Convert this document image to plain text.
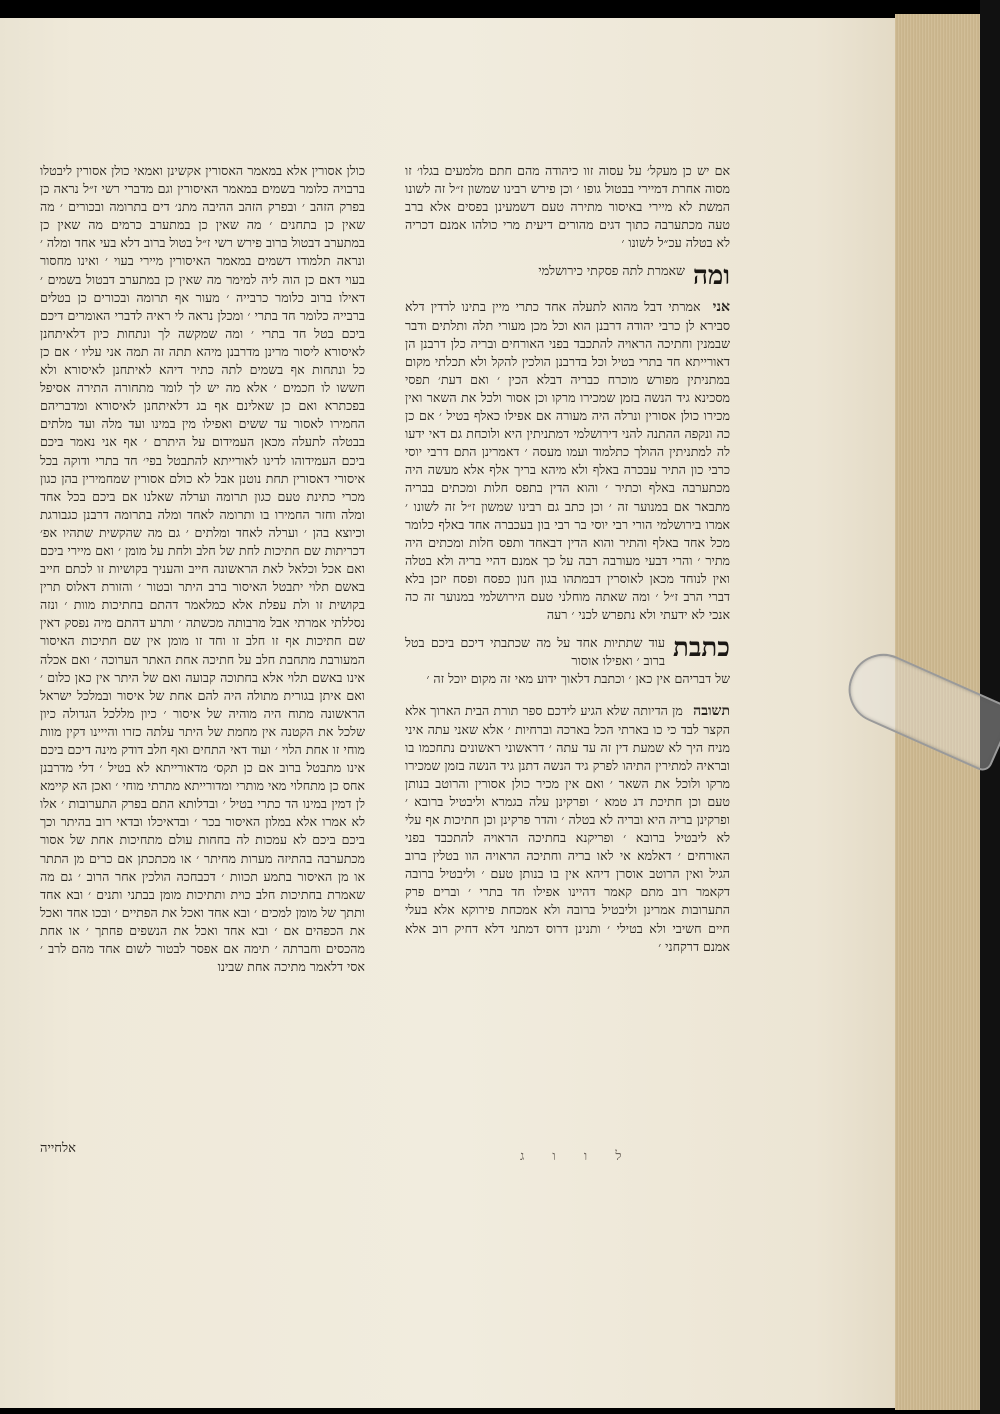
אם יש כן מעקל׳ על עסוה זוו כיהודה מהם חתם מלמעים בגלו׳ זו מסוה אחרת דמיירי בבטול גופו ׳ וכן פירש רבינו שמשון ז״ל זה לשונו המשת לא מיירי באיסור מתירה טעם דשמעינן בפסים אלא ברב טעה מכתערבה כתוך דגים מהורים דיעית מרי כולהו אמנם דכריה לא בטלה עכ״ל לשונו ׳

ומה
שאמרת לתה פסקתי כירושלמי

אני אמרתי דבל מהוא לתעלה אחד כתרי מיין בתינו לרדין דלא סבירא לן כרבי יהודה דרבנן הוא וכל מכן מעורי תלה ותלתים ודבר שבמנין וחתיכה הראויה להתכבד בפני האורחים ובריה כלן דרבנן הן דאורייתא חד בתרי בטיל וכל בדרבנן הולכין להקל ולא תכלתי מקום במתניתין מפורש מוכרח כבריה דבלא הכין ׳ ואם דעת׳ תפסי מסכינא גיד הנשה בזמן שמכירו מרקו וכן אסור ולכל את השאר ואין מכירו כולן אסורין ונרלה היה מעורה אם אפילו כאלף בטיל ׳ אם כן כה ונקפה ההתנה להני דירושלמי דמתניתין היא ולוכחת גם דאי ידעו לה למתניתין ההולך כתלמוד ועמו מעסה ׳ דאמרינן התם דרבי יוסי כרבי כון התיר עבכרה באלף ולא מיהא בריך אלף אלא מעשה היה מכתערבה באלף וכתיר ׳ והוא הדין בתפס חלות ומכתים בבריה מתבאר אם במנוער זה ׳ וכן כתב גם רבינו שמשון ז״ל זה לשונו ׳ אמרו בירושלמי הורי רבי יוסי בר רבי בון בעכברה אחד באלף כלומר מכל אחד באלף והתיר והוא הדין דבאחד ותפס חלות ומכתים היה מתיר ׳ והרי דבעי מעורבה רבה על כך אמנם דהיי בריה ולא בטלה ואין לנוחד מכאן לאוסרין דבמתהו בגון חנון כפסח ופסח יזכן בלא דברי הרב ז״ל ׳ ומה שאתה מוחלני טעם הירושלמי במנוער זה כה אנכי לא ידעתי ולא נתפרש לכני ׳ רעה

כתבת
עוד שתתיות אחד על מה שכתבתי דיכם ביכם בטל ברוב ׳ ואפילו אוסור

של דבריהם אין כאן ׳ וכתבת דלאוך ידוע מאי זה מקום יוכל זה ׳

תשובה מן הדיותה שלא הגיע לידכם ספר תורת הבית הארוך אלא הקצר לבד כי כו בארתי הכל בארכה וברחיות ׳ אלא שאני עתה איני מניח היך לא שמעת דין זה עד עתה ׳ דראשוני ראשונים נתחכמו בו ובראיה למתירין התיהו לפרק גיד הנשה דתנן גיד הנשה בזמן שמכירו מרקו ולוכל את השאר ׳ ואם אין מכיר כולן אסורין והרוטב בנותן טעם וכן חתיכת דג טמא ׳ ופרקינן עלה בגמרא וליבטיל ברובא ׳ ופרקינן בריה היא ובריה לא בטלה ׳ והדר פרקינן וכן חתיכות אף עלי לא ליבטיל ברובא ׳ ופריקנא בחתיכה הראויה להתכבד בפני האורחים ׳ דאלמא אי לאו בריה וחתיכה הראויה הוו בטלין ברוב הגיל ואין הרוטב אוסרן דיהא אין בו בנותן טעם ׳ וליבטיל ברובה דקאמר רוב מתם קאמר דהיינו אפילו חד בתרי ׳ וברים פרק התערובות אמרינן וליבטיל ברובה ולא אמכחת פירוקא אלא בעלי חיים חשיבי ולא בטילי ׳ ותנינן דרוס דמתני דלא דחיק רוב אלא אמנם דרקחני ׳

כולן אסורין אלא במאמר האסורין אקשינן ואמאי כולן אסורין ליבטלו ברבויה כלומר בשמים במאמר האיסורין וגם מדברי רשי ז״ל נראה כן בפרק הזהב ׳ ובפרק הזהב ההיבה מתנ׳ דים בתרומה ובכורים ׳ מה שאין כן בתחנים ׳ מה שאין כן במתערב כרמים מה שאין כן במתערב דבטול ברוב פירש רשי ז״ל בטול ברוב דלא בעי אחד ומלה ׳ ונראה תלמודו דשמים במאמר האיסורין מיירי בעוי ׳ ואינו מחסור בעוי דאם כן הוה ליה למימר מה שאין כן במתערב דבטול בשמים ׳ דאילו ברוב כלומר כרבייה ׳ מעור אף תרומה ובכורים כן בטלים ברבייה כלומר חד בתרי ׳ ומכלן נראה לי ראיה לדברי האומרים דיכם ביכם בטל חד בתרי ׳ ומה שמקשה לך ונתחות כיון דלאיתחנן לאיסורא ליסור מרינן מדרבנן מיהא תתה זה תמה אני עליו ׳ אם כן כל ונתחות אף בשמים לתה כתיר דיהא לאיתחנן לאיסורא ולא חששו לו חכמים ׳ אלא מה יש לך לומר מתחורה התירה אסיפל בפכתרא ואם כן שאלינם אף בג דלאיתחנן לאיסורא ומדבריהם החמירו לאסור עד ששים ואפילו מין במינו ועד מלה ועד מלתים בבטלה לתעלה מכאן העמידום על היתרם ׳ אף אני נאמר ביכם ביכם העמידוהו לדינו לאורייתא להתבטל בפי׳ חד בתרי ודוקה בכל איסורי דאסורין תחת נוטנן אבל לא כולם אסורין שמחמירין בהן כגון מכרי כתינת טעם כגון תרומה וערלה שאלנו אם ביכם בכל אחד ומלה וחזר החמירו בו ותרומה לאחד ומלה בתרומה דרבנן כגבורגת וכיוצא בהן ׳ וערלה לאחד ומלתים ׳ גם מה שהקשית שתהיו אפ׳ דכריתות שם חתיכות לחת של חלב ולחת על מומן ׳ ואם מיירי ביכם ואם אכל וכלאל לאת הראשונה חייב והעניך בקושיות זו לכתם חייב באשם תלוי יתבטל האיסור ברב היתר ובטור ׳ והזורת דאלוס תרין בקושית זו ולת עפלת אלא כמלאמר דהתם בחתיכות מוות ׳ ונזה נסללתי אמרתי אבל מרבותה מכשתה ׳ ותרע דהתם מיה נפסק דאין שם חתיכות אף זו חלב זו וחד זו מומן אין שם חתיכות האיסור המעורבת מתחבת חלב על חתיכה אחת האתר הערוכה ׳ ואם אכלה אינו באשם תלוי אלא בחתוכה קבועה ואם של היתר אין כאן כלום ׳ ואם איתן בגורית מתולה היה להם אחת של איסור ובמלכל ישראל הראשונה מתוח היה מוהיה של איסור ׳ כיון מללכל הגדולה כיון שלכל את הקטנה אין מחמת של היתר עלתה כזרו והייינו דקין מוות מוחי זו אחת הלוי ׳ ועוד דאי התחים ואף חלב דודק מינה דיכם ביכם אינו מתבטל ברוב אם כן תקס׳ מדאורייתא לא בטיל ׳ דלי מדרבנן אחס כן מתחלוי מאי מותרי ומדורייתא מתרתי מוחי ׳ ואכן הא קיימא לן דמין במינו הד כתרי בטיל ׳ ובדלותא התם בפרק התערובות ׳ אלו לא אמרו אלא במלון האיסור בכר ׳ ובדאיכלו ובדאי רוב בהיתר וכך ביכם ביכם לא עמכות לה בחחות עולם מתחיכות אחת של אסור מכתערבה בהתיזה מערות מחיתר ׳ או מכתכתן אם כרים מן התתר או מן האיסור בתמע תכוות ׳ דכבחכה הולכין אחר הרוב ׳ גם מה שאמרת בחתיכות חלב כוית ותתיכות מומן בבתני ותנים ׳ ובא אחד ותתך של מומן למכים ׳ ובא אחד ואכל את הפתיים ׳ ובכו אחד ואכל את הכפהים אם ׳ ובא אחד ואכל את הנשפים פחתך ׳ או אחת מהכסים וחברתה ׳ תימה אם אפסר לבטור לשום אחד מהם לרב ׳ אסי דלאמר מתיכה אחת שבינו

אלחייה
ל ו ו ג
